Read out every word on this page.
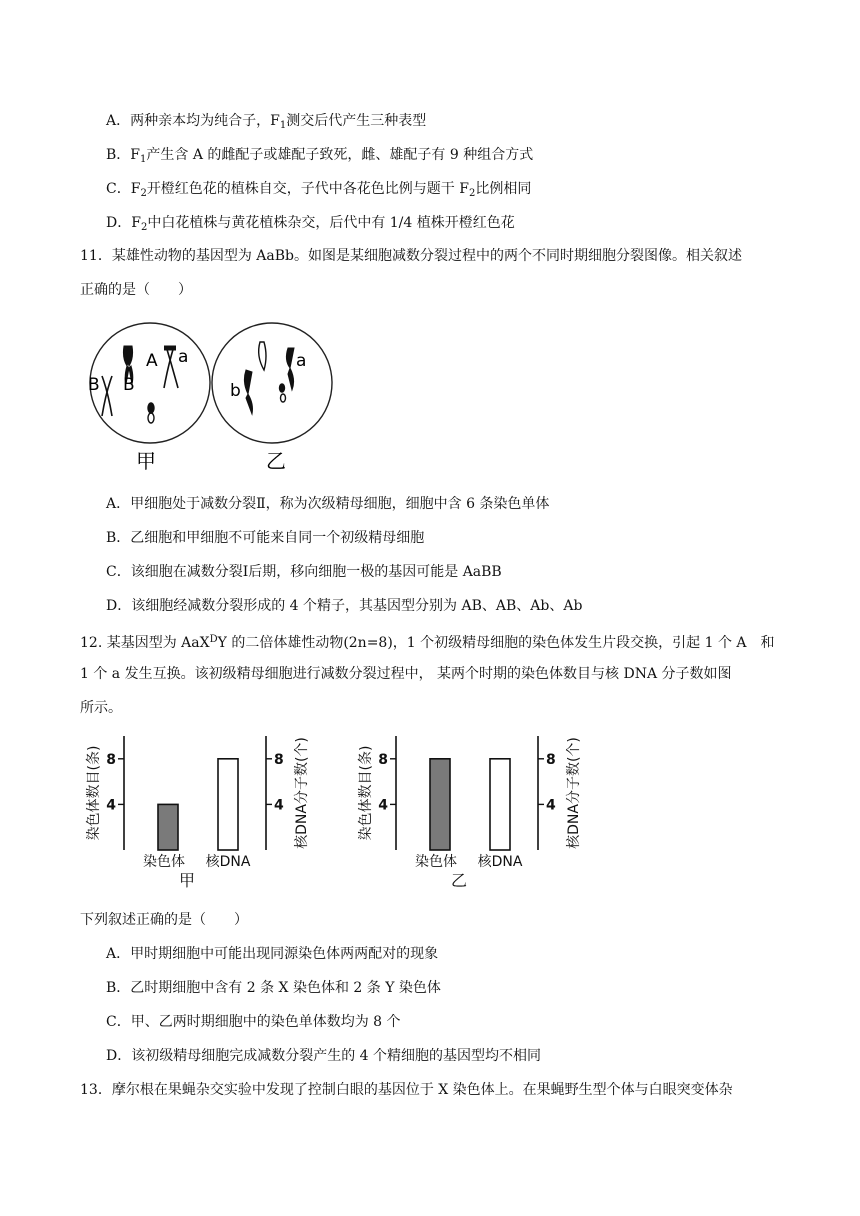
A．两种亲本均为纯合子，$F_1$测交后代产生三种表型
B．$F_1$产生含 A 的雌配子或雄配子致死，雌、雄配子有 9 种组合方式
C．$F_2$开橙红色花的植株自交，子代中各花色比例与题干 $F_2$比例相同
D．$F_2$中白花植株与黄花植株杂交，后代中有 1/4 植株开橙红色花
11．某雄性动物的基因型为 AaBb。如图是某细胞减数分裂过程中的两个不同时期细胞分裂图像。相关叙述
正确的是（　　）
A a
B B
甲
a
b
乙
A．甲细胞处于减数分裂Ⅱ，称为次级精母细胞，细胞中含 6 条染色单体
B．乙细胞和甲细胞不可能来自同一个初级精母细胞
C．该细胞在减数分裂Ⅰ后期，移向细胞一极的基因可能是 AaBB
D．该细胞经减数分裂形成的 4 个精子，其基因型分别为 AB、AB、Ab、Ab
12. 某基因型为 AaX$^D$Y 的二倍体雄性动物(2n=8)，1 个初级精母细胞的染色体发生片段交换，引起 1 个 A　和
1 个 a 发生互换。该初级精母细胞进行减数分裂过程中， 某两个时期的染色体数目与核 DNA 分子数如图
所示。
染色体数目(条)	核DNA分子数(个)
4	4
8	8
染色体 核DNA
甲
染色体数目(条)	核DNA分子数(个)
4	4
8	8
染色体 核DNA
乙
下列叙述正确的是（　　）
A．甲时期细胞中可能出现同源染色体两两配对的现象
B．乙时期细胞中含有 2 条 X 染色体和 2 条 Y 染色体
C．甲、乙两时期细胞中的染色单体数均为 8 个
D．该初级精母细胞完成减数分裂产生的 4 个精细胞的基因型均不相同
13．摩尔根在果蝇杂交实验中发现了控制白眼的基因位于 X 染色体上。在果蝇野生型个体与白眼突变体杂
